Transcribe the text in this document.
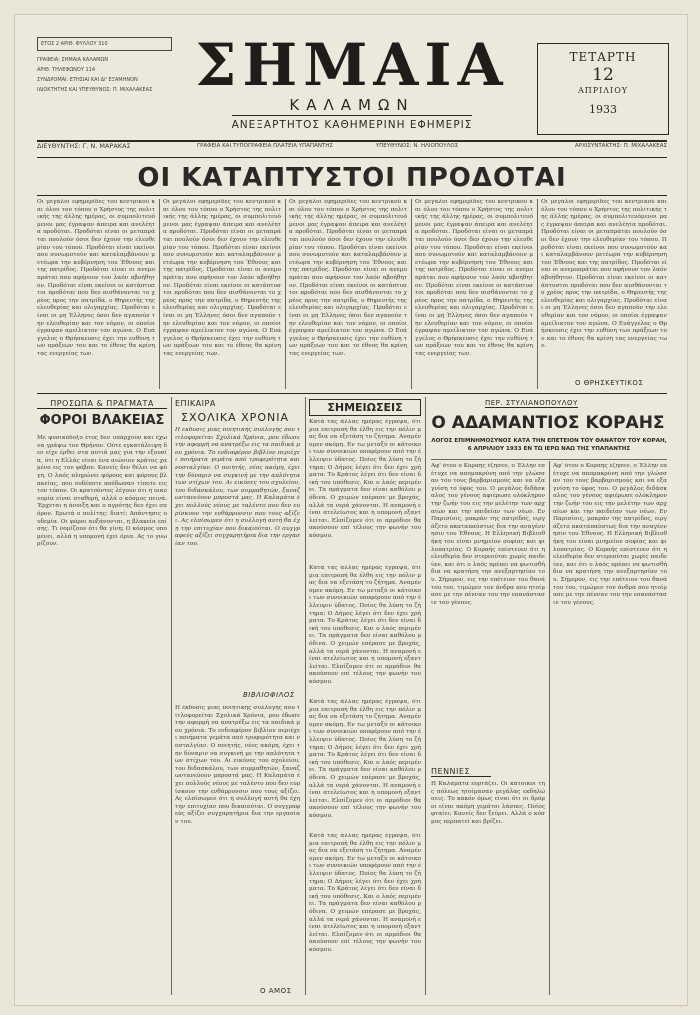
ΕΤΟΣ 2 ΑΡΙΘ. ΦΥΛΛΟΥ 310
ΓΡΑΦΕΙΑ: ΣΗΜΑΙΑ ΚΑΛΑΜΩΝ
ΑΡΙΘ. ΤΗΛΕΦΩΝΟΥ 114
ΣΥΝΔΡΟΜΑΙ: ΕΤΗΣΙΑΙ ΚΑΙ ΔΙ' ΕΞΑΜΗΝΟΝ
ΙΔΙΟΚΤΗΤΗΣ ΚΑΙ ΥΠΕΥΘΥΝΟΣ: Π. ΜΙΧΑΛΑΚΕΑΣ ΣΗΜΑΙΑ
ΚΑΛΑΜΩΝ
ΑΝΕΞΑΡΤΗΤΟΣ ΚΑΘΗΜΕΡΙΝΗ ΕΦΗΜΕΡΙΣ
ΤΕΤΑΡΤΗ
12
ΑΠΡΙΛΙΟΥ
1933
ΔΙΕΥΘΥΝΤΗΣ: Γ. Ν. ΜΑΡΑΚΑΣ	ΓΡΑΦΕΙΑ ΚΑΙ ΤΥΠΟΓΡΑΦΕΙΑ ΠΛΑΤΕΙΑ ΥΠΑΠΑΝΤΗΣ	ΥΠΕΥΘΥΝΟΣ: Ν. ΗΛΙΟΠΟΥΛΟΣ	ΑΡΧΙΣΥΝΤΑΚΤΗΣ: Π. ΜΙΧΑΛΑΚΕΑΣ
ΟΙ ΚΑΤΑΠΤΥΣΤΟΙ ΠΡΟΔΟΤΑΙ
Οι μεγάλοι εφημερίδες του κεντρικού και όλου του τόπου ο Χρήστος της πολιτικής της άλλης ημέρας, οι συμπολιτευόμενοι μας έγραψαν άπειρα και ανελέητα προδόται. Προδόται είναι οι μεταπράται πουλούν όσοι δεν έχουν την ελευθερίαν του τόπου. Προδόται είναι εκείνοι που συνωμοτούν και καταλαμβάνουν μετέωρα την κυβέρνηση του Έθνους και της πατρίδος. Προδόται είναι οι ανεμοπράται που αφήνουν τον λαόν αβοήθητον. Προδόται είναι εκείνοι οι κατάπτυστοι προδόται που δεν αισθάνονται το χρέος προς την πατρίδα, ο Θηρευτής της ελευθερίας και ολιγαρχίας. Προδόται είναι οι μη Έλληνες όσοι δεν αγαπούν την ελευθερίαν και τον νόμον, οι οποίοι έγραψαν αμείλικτον τον αγώνα. Ο Ευάγγελος ο Θρήσκευσις έχει την ευθύνη των πράξεων του και το έθνος θα κρίνη τας ενεργείας των.
Οι μεγάλοι εφημερίδες του κεντρικού και όλου του τόπου ο Χρήστος της πολιτικής της άλλης ημέρας, οι συμπολιτευόμενοι μας έγραψαν άπειρα και ανελέητα προδόται. Προδόται είναι οι μεταπράται πουλούν όσοι δεν έχουν την ελευθερίαν του τόπου. Προδόται είναι εκείνοι που συνωμοτούν και καταλαμβάνουν μετέωρα την κυβέρνηση του Έθνους και της πατρίδος. Προδόται είναι οι ανεμοπράται που αφήνουν τον λαόν αβοήθητον. Προδόται είναι εκείνοι οι κατάπτυστοι προδόται που δεν αισθάνονται το χρέος προς την πατρίδα, ο Θηρευτής της ελευθερίας και ολιγαρχίας. Προδόται είναι οι μη Έλληνες όσοι δεν αγαπούν την ελευθερίαν και τον νόμον, οι οποίοι έγραψαν αμείλικτον τον αγώνα. Ο Ευάγγελος ο Θρήσκευσις έχει την ευθύνη των πράξεων του και το έθνος θα κρίνη τας ενεργείας των.
Οι μεγάλοι εφημερίδες του κεντρικού και όλου του τόπου ο Χρήστος της πολιτικής της άλλης ημέρας, οι συμπολιτευόμενοι μας έγραψαν άπειρα και ανελέητα προδόται. Προδόται είναι οι μεταπράται πουλούν όσοι δεν έχουν την ελευθερίαν του τόπου. Προδόται είναι εκείνοι που συνωμοτούν και καταλαμβάνουν μετέωρα την κυβέρνηση του Έθνους και της πατρίδος. Προδόται είναι οι ανεμοπράται που αφήνουν τον λαόν αβοήθητον. Προδόται είναι εκείνοι οι κατάπτυστοι προδόται που δεν αισθάνονται το χρέος προς την πατρίδα, ο Θηρευτής της ελευθερίας και ολιγαρχίας. Προδόται είναι οι μη Έλληνες όσοι δεν αγαπούν την ελευθερίαν και τον νόμον, οι οποίοι έγραψαν αμείλικτον τον αγώνα. Ο Ευάγγελος ο Θρήσκευσις έχει την ευθύνη των πράξεων του και το έθνος θα κρίνη τας ενεργείας των.
Οι μεγάλοι εφημερίδες του κεντρικού και όλου του τόπου ο Χρήστος της πολιτικής της άλλης ημέρας, οι συμπολιτευόμενοι μας έγραψαν άπειρα και ανελέητα προδόται. Προδόται είναι οι μεταπράται πουλούν όσοι δεν έχουν την ελευθερίαν του τόπου. Προδόται είναι εκείνοι που συνωμοτούν και καταλαμβάνουν μετέωρα την κυβέρνηση του Έθνους και της πατρίδος. Προδόται είναι οι ανεμοπράται που αφήνουν τον λαόν αβοήθητον. Προδόται είναι εκείνοι οι κατάπτυστοι προδόται που δεν αισθάνονται το χρέος προς την πατρίδα, ο Θηρευτής της ελευθερίας και ολιγαρχίας. Προδόται είναι οι μη Έλληνες όσοι δεν αγαπούν την ελευθερίαν και τον νόμον, οι οποίοι έγραψαν αμείλικτον τον αγώνα. Ο Ευάγγελος ο Θρήσκευσις έχει την ευθύνη των πράξεων του και το έθνος θα κρίνη τας ενεργείας των.
Οι μεγάλοι εφημερίδες του κεντρικού και όλου του τόπου ο Χρήστος της πολιτικής της άλλης ημέρας, οι συμπολιτευόμενοι μας έγραψαν άπειρα και ανελέητα προδόται. Προδόται είναι οι μεταπράται πουλούν όσοι δεν έχουν την ελευθερίαν του τόπου. Προδόται είναι εκείνοι που συνωμοτούν και καταλαμβάνουν μετέωρα την κυβέρνηση του Έθνους και της πατρίδος. Προδόται είναι οι ανεμοπράται που αφήνουν τον λαόν αβοήθητον. Προδόται είναι εκείνοι οι κατάπτυστοι προδόται που δεν αισθάνονται το χρέος προς την πατρίδα, ο Θηρευτής της ελευθερίας και ολιγαρχίας. Προδόται είναι οι μη Έλληνες όσοι δεν αγαπούν την ελευθερίαν και τον νόμον, οι οποίοι έγραψαν αμείλικτον τον αγώνα. Ο Ευάγγελος ο Θρήσκευσις έχει την ευθύνη των πράξεων του και το έθνος θα κρίνη τας ενεργείας των.
Ο ΘΡΗΣΚΕΥΤΙΚΟΣ
ΠΡΟΣΩΠΑ & ΠΡΑΓΜΑΤΑ
ΦΟΡΟΙ ΒΛΑΚΕΙΑΣ
Με φυσικόδοξο έτος δεν υπάρχουν και έχω να γράψω τον Θρήνον. Ούτε εγκατάλειψη δεν είχε έρθει στα αυτιά μας για την εξουσία, ότι η Ελλάς είναι ένα αιώνιον κράτος χαμένο εις τον φόβον. Κανείς δεν θέλει να φύγη. Ο λαός πληρώνει φόρους και φόρους βλακείας, που ουδέποτε απέδωσαν τίποτε εις τον τόπον. Οι κρατούντες λέγουν ότι η οικονομία είναι σταθερή, αλλά ο κόσμος πεινά. Έρχεται η άνοιξη και ο αγρότης δεν έχει σπόρον. Ερωτά ο πολίτης: διατί; Απάντησις ουδεμία. Οι φόροι αυξάνονται, η βλακεία επίσης. Τι νομίζουν ότι θα γίνη; Ο κόσμος υπομένει, αλλά η υπομονή έχει όρια. Ας το γνωρίζουν.
ΕΠΙΚΑΙΡΑ
ΣΧΟΛΙΚΑ ΧΡΟΝΙΑ
Η έκδοσις μιας ποιητικής συλλογής που τιτλοφορείται Σχολικά Χρόνια, μου έδωσε την αφορμή να ανατρέξω εις τα παιδικά μου χρόνια. Το ενδιαφέρον βιβλίον περιέχει ποιήματα γεμάτα από τρυφερότητα και νοσταλγίαν. Ο ποιητής, νέος ακόμη, έχει την δύναμιν να συγκινή με την απλότητα των στίχων του. Αι εικόνες του σχολείου, του διδασκάλου, των συμμαθητών, ξαναζωντανεύουν μπροστά μας. Η Καλαμάτα έχει πολλούς νέους με ταλέντο που δεν ευρίσκουν την ενθάρρυνσιν που τους αξίζει. Ας ελπίσωμεν ότι η συλλογή αυτή θα έχη την επιτυχίαν που δικαιούται. Ο συγγραφεύς αξίζει συγχαρητήρια δια την εργασίαν του.
ΒΙΒΛΙΟΦΙΛΟΣ
Η έκδοσις μιας ποιητικής συλλογής που τιτλοφορείται Σχολικά Χρόνια, μου έδωσε την αφορμή να ανατρέξω εις τα παιδικά μου χρόνια. Το ενδιαφέρον βιβλίον περιέχει ποιήματα γεμάτα από τρυφερότητα και νοσταλγίαν. Ο ποιητής, νέος ακόμη, έχει την δύναμιν να συγκινή με την απλότητα των στίχων του. Αι εικόνες του σχολείου, του διδασκάλου, των συμμαθητών, ξαναζωντανεύουν μπροστά μας. Η Καλαμάτα έχει πολλούς νέους με ταλέντο που δεν ευρίσκουν την ενθάρρυνσιν που τους αξίζει. Ας ελπίσωμεν ότι η συλλογή αυτή θα έχη την επιτυχίαν που δικαιούται. Ο συγγραφεύς αξίζει συγχαρητήρια δια την εργασίαν του.
Ο ΑΜΟΣ
ΣΗΜΕΙΩΣΕΙΣ
Κατά τας άλλας ημέρας έγραψα, ότι μια επιτροπή θα έλθη εις την πόλιν μας δια να εξετάση το ζήτημα. Αναμένομεν ακόμη. Εν τω μεταξύ οι κάτοικοι των συνοικιών υποφέρουν από την έλλειψιν ύδατος. Ποίος θα λύση το ζήτημα; Ο Δήμος λέγει ότι δεν έχει χρήματα. Το Κράτος λέγει ότι δεν είναι δική του υπόθεσις. Και ο λαός περιμένει. Τα πράγματα δεν είναι καθόλου ρόδινα. Ο χειμών επέρασε με βροχάς, αλλά τα νερά χάνονται. Η αναμονή είναι ατελείωτος και η υπομονή εξαντλείται. Ελπίζομεν ότι οι αρμόδιοι θα ακούσουν επί τέλους την φωνήν του κόσμου.
Κατά τας άλλας ημέρας έγραψα, ότι μια επιτροπή θα έλθη εις την πόλιν μας δια να εξετάση το ζήτημα. Αναμένομεν ακόμη. Εν τω μεταξύ οι κάτοικοι των συνοικιών υποφέρουν από την έλλειψιν ύδατος. Ποίος θα λύση το ζήτημα; Ο Δήμος λέγει ότι δεν έχει χρήματα. Το Κράτος λέγει ότι δεν είναι δική του υπόθεσις. Και ο λαός περιμένει. Τα πράγματα δεν είναι καθόλου ρόδινα. Ο χειμών επέρασε με βροχάς, αλλά τα νερά χάνονται. Η αναμονή είναι ατελείωτος και η υπομονή εξαντλείται. Ελπίζομεν ότι οι αρμόδιοι θα ακούσουν επί τέλους την φωνήν του κόσμου.
Κατά τας άλλας ημέρας έγραψα, ότι μια επιτροπή θα έλθη εις την πόλιν μας δια να εξετάση το ζήτημα. Αναμένομεν ακόμη. Εν τω μεταξύ οι κάτοικοι των συνοικιών υποφέρουν από την έλλειψιν ύδατος. Ποίος θα λύση το ζήτημα; Ο Δήμος λέγει ότι δεν έχει χρήματα. Το Κράτος λέγει ότι δεν είναι δική του υπόθεσις. Και ο λαός περιμένει. Τα πράγματα δεν είναι καθόλου ρόδινα. Ο χειμών επέρασε με βροχάς, αλλά τα νερά χάνονται. Η αναμονή είναι ατελείωτος και η υπομονή εξαντλείται. Ελπίζομεν ότι οι αρμόδιοι θα ακούσουν επί τέλους την φωνήν του κόσμου.
Κατά τας άλλας ημέρας έγραψα, ότι μια επιτροπή θα έλθη εις την πόλιν μας δια να εξετάση το ζήτημα. Αναμένομεν ακόμη. Εν τω μεταξύ οι κάτοικοι των συνοικιών υποφέρουν από την έλλειψιν ύδατος. Ποίος θα λύση το ζήτημα; Ο Δήμος λέγει ότι δεν έχει χρήματα. Το Κράτος λέγει ότι δεν είναι δική του υπόθεσις. Και ο λαός περιμένει. Τα πράγματα δεν είναι καθόλου ρόδινα. Ο χειμών επέρασε με βροχάς, αλλά τα νερά χάνονται. Η αναμονή είναι ατελείωτος και η υπομονή εξαντλείται. Ελπίζομεν ότι οι αρμόδιοι θα ακούσουν επί τέλους την φωνήν του κόσμου.
ΠΕΡ. ΣΤΥΛΙΑΝΟΠΟΥΛΟΥ
Ο ΑΔΑΜΑΝΤΙΟΣ ΚΟΡΑΗΣ
ΛΟΓΟΣ ΕΠΙΜΝΗΜΟΣΥΝΟΣ ΚΑΤΑ ΤΗΝ ΕΠΕΤΕΙΟΝ ΤΟΥ ΘΑΝΑΤΟΥ ΤΟΥ ΚΟΡΑΗ, 6 ΑΠΡΙΛΙΟΥ 1933 ΕΝ ΤΩ ΙΕΡΩ ΝΑΩ ΤΗΣ ΥΠΑΠΑΝΤΗΣ
Αφ' ότου ο Κοραής έζησεν, ο Έλλην επέτυχε να απομακρύνη από την γλώσσαν του τους βαρβαρισμούς και να εξαγνίση το ύφος του. Ο μεγάλος διδάσκαλος του γένους αφιέρωσε ολόκληρον την ζωήν του εις την μελέτην των αρχαίων και την παιδείαν των νέων. Εν Παρισίοις, μακράν της πατρίδος, ειργάζετο ακαταπαύστως δια την αναγέννησιν του Έθνους. Η Ελληνική Βιβλιοθήκη του είναι μνημείον σοφίας και φιλοπατρίας. Ο Κοραής επίστευεν ότι η ελευθερία δεν στερεούται χωρίς παιδείαν, και ότι ο λαός πρέπει να φωτισθή δια να κρατήση την ανεξαρτησίαν του. Σήμερον, εις την επέτειον του θανάτου του, τιμώμεν τον άνδρα που ητοίμασε με την πένναν του την επανάστασιν του γένους.
Αφ' ότου ο Κοραής έζησεν, ο Έλλην επέτυχε να απομακρύνη από την γλώσσαν του τους βαρβαρισμούς και να εξαγνίση το ύφος του. Ο μεγάλος διδάσκαλος του γένους αφιέρωσε ολόκληρον την ζωήν του εις την μελέτην των αρχαίων και την παιδείαν των νέων. Εν Παρισίοις, μακράν της πατρίδος, ειργάζετο ακαταπαύστως δια την αναγέννησιν του Έθνους. Η Ελληνική Βιβλιοθήκη του είναι μνημείον σοφίας και φιλοπατρίας. Ο Κοραής επίστευεν ότι η ελευθερία δεν στερεούται χωρίς παιδείαν, και ότι ο λαός πρέπει να φωτισθή δια να κρατήση την ανεξαρτησίαν του. Σήμερον, εις την επέτειον του θανάτου του, τιμώμεν τον άνδρα που ητοίμασε με την πένναν του την επανάστασιν του γένους.
ΠΕΝΝΙΕΣ
Η Καλαμάτα εορτάζει. Οι κάτοικοι της πόλεως ητοίμασαν μεγάλας εκδηλώσεις. Το κακόν όμως είναι ότι οι δρόμοι είναι ακόμη γεμάτοι λάσπες. Ποίος φταίει; Κανείς δεν ξεύρει. Αλλά ο κόσμος περπατεί και βρίζει.
